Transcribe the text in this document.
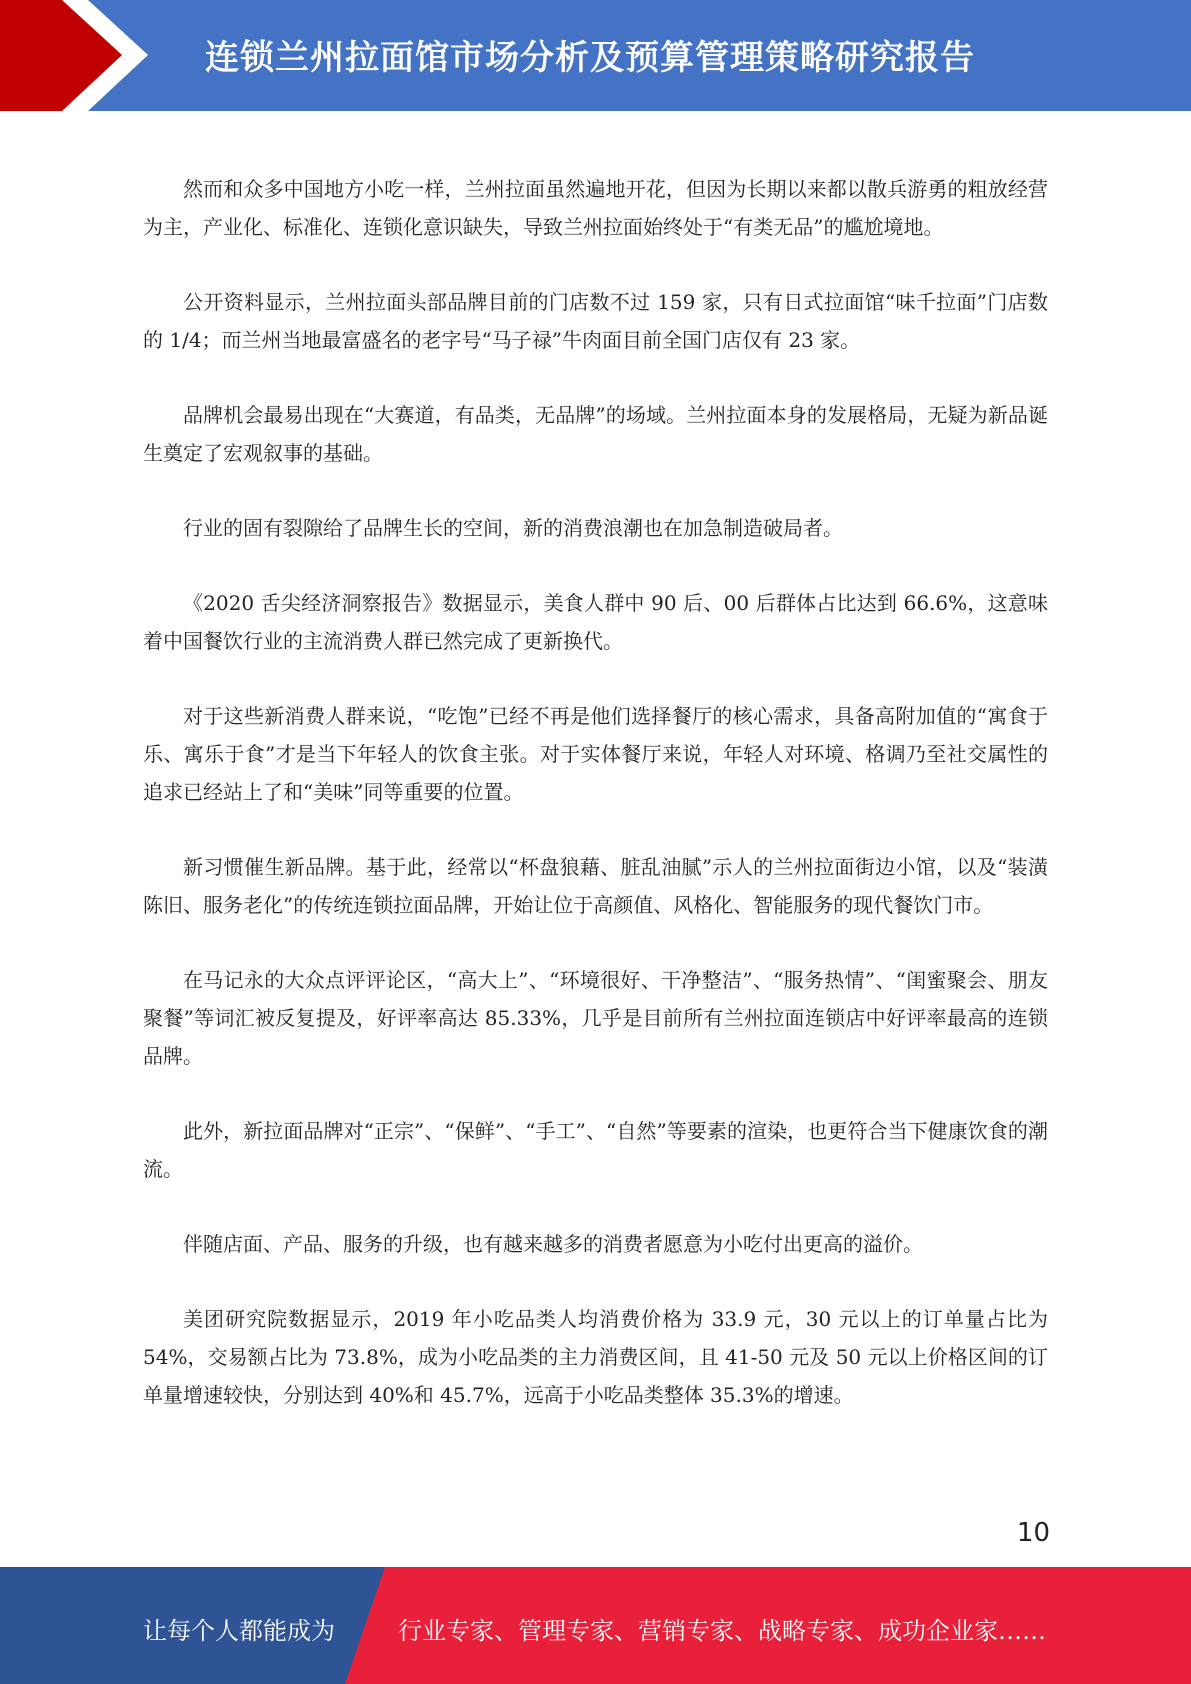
连锁兰州拉面馆市场分析及预算管理策略研究报告

然而和众多中国地方小吃一样，兰州拉面虽然遍地开花，但因为长期以来都以散兵游勇的粗放经营为主，产业化、标准化、连锁化意识缺失，导致兰州拉面始终处于“有类无品”的尴尬境地。

公开资料显示，兰州拉面头部品牌目前的门店数不过 159 家，只有日式拉面馆“味千拉面”门店数的 1/4；而兰州当地最富盛名的老字号“马子禄”牛肉面目前全国门店仅有 23 家。

品牌机会最易出现在“大赛道，有品类，无品牌”的场域。兰州拉面本身的发展格局，无疑为新品诞生奠定了宏观叙事的基础。

行业的固有裂隙给了品牌生长的空间，新的消费浪潮也在加急制造破局者。

《2020 舌尖经济洞察报告》数据显示，美食人群中 90 后、00 后群体占比达到 66.6%，这意味着中国餐饮行业的主流消费人群已然完成了更新换代。

对于这些新消费人群来说，“吃饱”已经不再是他们选择餐厅的核心需求，具备高附加值的“寓食于乐、寓乐于食”才是当下年轻人的饮食主张。对于实体餐厅来说，年轻人对环境、格调乃至社交属性的追求已经站上了和“美味”同等重要的位置。

新习惯催生新品牌。基于此，经常以“杯盘狼藉、脏乱油腻”示人的兰州拉面街边小馆，以及“装潢陈旧、服务老化”的传统连锁拉面品牌，开始让位于高颜值、风格化、智能服务的现代餐饮门市。

在马记永的大众点评评论区，“高大上”、“环境很好、干净整洁”、“服务热情”、“闺蜜聚会、朋友聚餐”等词汇被反复提及，好评率高达 85.33%，几乎是目前所有兰州拉面连锁店中好评率最高的连锁品牌。

此外，新拉面品牌对“正宗”、“保鲜”、“手工”、“自然”等要素的渲染，也更符合当下健康饮食的潮流。

伴随店面、产品、服务的升级，也有越来越多的消费者愿意为小吃付出更高的溢价。

美团研究院数据显示，2019 年小吃品类人均消费价格为 33.9 元，30 元以上的订单量占比为 54%，交易额占比为 73.8%，成为小吃品类的主力消费区间，且 41-50 元及 50 元以上价格区间的订单量增速较快，分别达到 40%和 45.7%，远高于小吃品类整体 35.3%的增速。

10
让每个人都能成为	行业专家、管理专家、营销专家、战略专家、成功企业家……
